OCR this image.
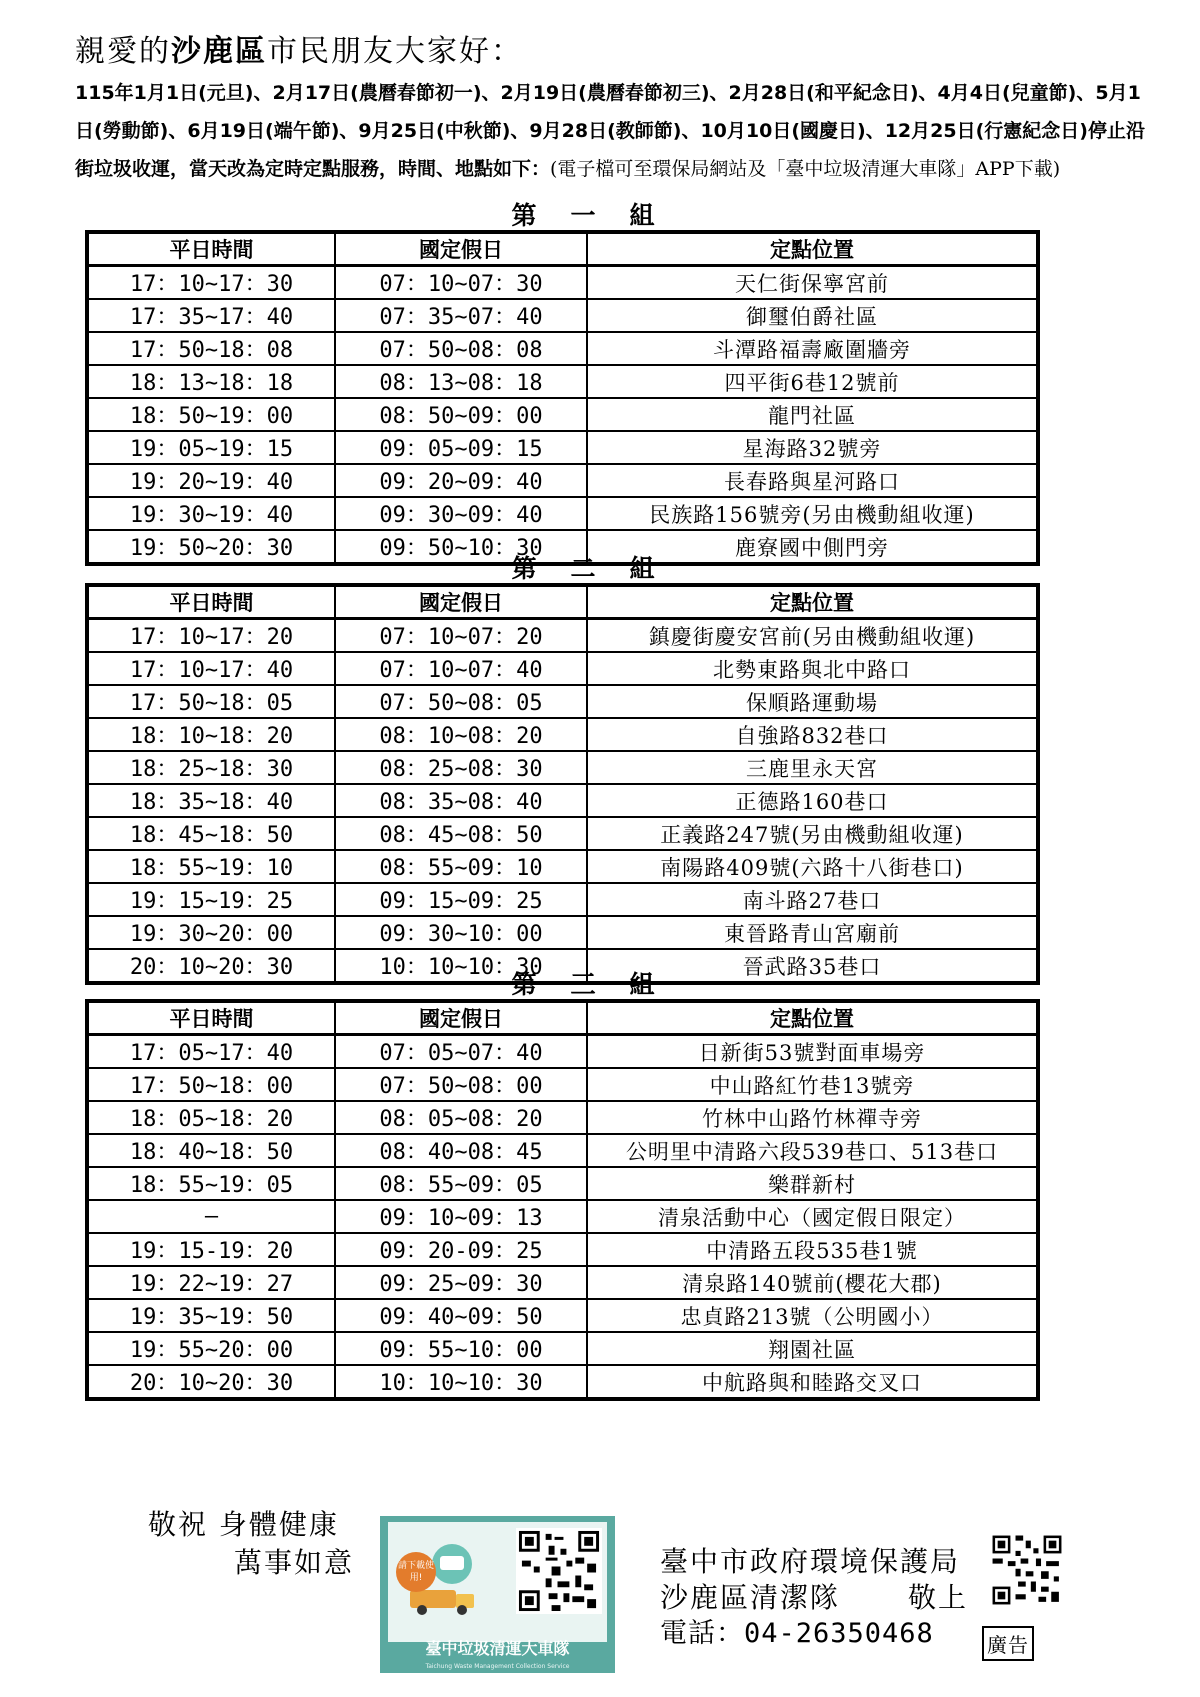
親愛的沙鹿區市民朋友大家好：
115年1月1日(元旦)、2月17日(農曆春節初一)、2月19日(農曆春節初三)、2月28日(和平紀念日)、4月4日(兒童節)、5月1日(勞動節)、6月19日(端午節)、9月25日(中秋節)、9月28日(教師節)、10月10日(國慶日)、12月25日(行憲紀念日)停止沿街垃圾收運，當天改為定時定點服務，時間、地點如下：(電子檔可至環保局網站及「臺中垃圾清運大車隊」APP下載)
第一組
平日時間	國定假日	定點位置
17：10~17：30	07：10~07：30	天仁街保寧宮前
17：35~17：40	07：35~07：40	御璽伯爵社區
17：50~18：08	07：50~08：08	斗潭路福壽廠圍牆旁
18：13~18：18	08：13~08：18	四平街6巷12號前
18：50~19：00	08：50~09：00	龍門社區
19：05~19：15	09：05~09：15	星海路32號旁
19：20~19：40	09：20~09：40	長春路與星河路口
19：30~19：40	09：30~09：40	民族路156號旁(另由機動組收運)
19：50~20：30	09：50~10：30	鹿寮國中側門旁
第二組
平日時間	國定假日	定點位置
17：10~17：20	07：10~07：20	鎮慶街慶安宮前(另由機動組收運)
17：10~17：40	07：10~07：40	北勢東路與北中路口
17：50~18：05	07：50~08：05	保順路運動場
18：10~18：20	08：10~08：20	自強路832巷口
18：25~18：30	08：25~08：30	三鹿里永天宮
18：35~18：40	08：35~08：40	正德路160巷口
18：45~18：50	08：45~08：50	正義路247號(另由機動組收運)
18：55~19：10	08：55~09：10	南陽路409號(六路十八街巷口)
19：15~19：25	09：15~09：25	南斗路27巷口
19：30~20：00	09：30~10：00	東晉路青山宮廟前
20：10~20：30	10：10~10：30	晉武路35巷口
第三組
平日時間	國定假日	定點位置
17：05~17：40	07：05~07：40	日新街53號對面車場旁
17：50~18：00	07：50~08：00	中山路紅竹巷13號旁
18：05~18：20	08：05~08：20	竹林中山路竹林禪寺旁
18：40~18：50	08：40~08：45	公明里中清路六段539巷口、513巷口
18：55~19：05	08：55~09：05	樂群新村
—	09：10~09：13	清泉活動中心（國定假日限定）
19：15-19：20	09：20-09：25	中清路五段535巷1號
19：22~19：27	09：25~09：30	清泉路140號前(櫻花大郡)
19：35~19：50	09：40~09：50	忠貞路213號（公明國小）
19：55~20：00	09：55~10：00	翔園社區
20：10~20：30	10：10~10：30	中航路與和睦路交叉口
敬祝 身體健康
萬事如意	請下載使用!
臺中垃圾清運大車隊
Taichung Waste Management Collection Service
臺中市政府環境保護局
沙鹿區清潔隊 敬上
電話：04-26350468	廣告
